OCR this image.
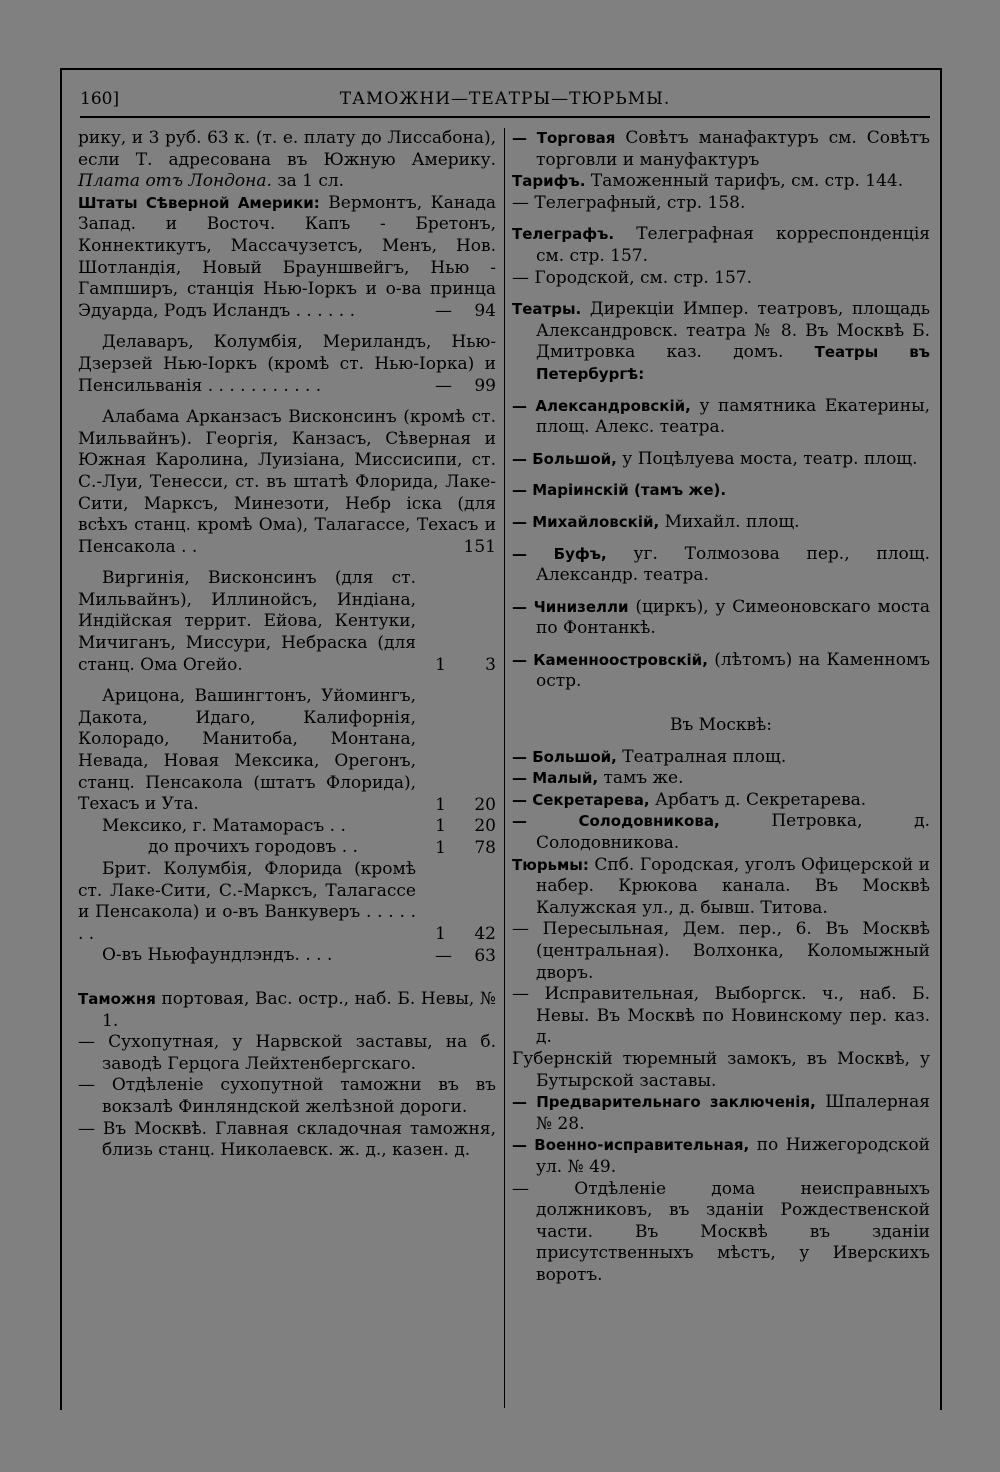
160]	ТАМОЖНИ—ТЕАТРЫ—ТЮРЬМЫ.

рику, и 3 руб. 63 к. (т. е. плату до Лиссабона), если Т. адресована въ Южную Америку. Плата отъ Лондона. за 1 сл.

Штаты Сѣверной Америки: Вермонтъ, Канада Запад. и Восточ. Капъ - Бретонъ, Коннектикутъ, Массачузетсъ, Менъ, Нов. Шотландія, Новый Брауншвейгъ, Нью - Гампширъ, станція Нью-Іоркъ и о-ва принца Эдуарда, Родъ Исландъ . . . . . .	— 94

Делаваръ, Колумбія, Мериландъ, Нью-Дзерзей Нью-Іоркъ (кромѣ ст. Нью-Іорка) и Пенсильванія . . . . . . . . . . .	— 99

Алабама Арканзасъ Висконсинъ (кромѣ ст. Мильвайнъ). Георгія, Канзасъ, Сѣверная и Южная Каролина, Луизіана, Миссисипи, ст. С.-Луи, Тенесси, ст. въ штатѣ Флорида, Лаке-Сити, Марксъ, Минезоти, Небр іска (для всѣхъ станц. кромѣ Ома), Талагассе, Техасъ и Пенсакола . .	151

Виргинія, Висконсинъ (для ст. Мильвайнъ), Иллинойсъ, Индіана, Индійская террит. Ейова, Кентуки, Мичиганъ, Миссури, Небраска (для станц. Ома Огейо.	1 3

Арицона, Вашингтонъ, Уйомингъ, Дакота, Идаго, Калифорнія, Колорадо, Манитоба, Монтана, Невада, Новая Мексика, Орегонъ, станц. Пенсакола (штатъ Флорида), Техасъ и Ута.	1 20

Мексико, г. Матаморасъ . .	1 20

до прочихъ городовъ . .	1 78

Брит. Колумбія, Флорида (кромѣ ст. Лаке-Сити, С.-Марксъ, Талагассе и Пенсакола) и о-въ Ванкуверъ . . . . . . .	1 42

О-въ Ньюфаундлэндъ. . . .	— 63

Таможня портовая, Вас. остр., наб. Б. Невы, № 1.

— Сухопутная, у Нарвской заставы, на б. заводѣ Герцога Лейхтенбергскаго.

— Отдѣленіе сухопутной таможни въ въ вокзалѣ Финляндской желѣзной дороги.

— Въ Москвѣ. Главная складочная таможня, близь станц. Николаевск. ж. д., казен. д.

— Торговая Совѣтъ манафактуръ см. Совѣтъ торговли и мануфактуръ

Тарифъ. Таможенный тарифъ, см. стр. 144.

— Телеграфный, стр. 158.

Телеграфъ. Телеграфная корреспонденція см. стр. 157.

— Городской, см. стр. 157.

Театры. Дирекціи Импер. театровъ, площадь Александровск. театра № 8. Въ Москвѣ Б. Дмитровка каз. домъ. Театры въ Петербургѣ:

— Александровскій, у памятника Екатерины, площ. Алекс. театра.

— Большой, у Поцѣлуева моста, театр. площ.

— Маріинскій (тамъ же).

— Михайловскій, Михайл. площ.

— Буфъ, уг. Толмозова пер., площ. Александр. театра.

— Чинизелли (циркъ), у Симеоновскаго моста по Фонтанкѣ.

— Каменноостровскій, (лѣтомъ) на Каменномъ остр.

Въ Москвѣ:

— Большой, Театралная площ.

— Малый, тамъ же.

— Секретарева, Арбатъ д. Секретарева.

— Солодовникова,	Петровка, д. Солодовникова.

Тюрьмы: Спб. Городская, уголъ Офицерской и набер. Крюкова канала. Въ Москвѣ Калужская ул., д. бывш. Титова.

— Пересыльная, Дем. пер., 6. Въ Москвѣ (центральная). Волхонка, Коломыжный дворъ.

— Исправительная, Выборгск. ч., наб. Б. Невы. Въ Москвѣ по Новинскому пер. каз. д.

Губернскій тюремный замокъ, въ Москвѣ, у Бутырской заставы.

— Предварительнаго заключенія, Шпалерная № 28.

— Военно-исправительная, по Нижегородской ул. № 49.

— Отдѣленіе дома неисправныхъ должниковъ, въ зданіи Рождественской части. Въ Москвѣ въ зданіи присутственныхъ мѣстъ, у Иверскихъ воротъ.
